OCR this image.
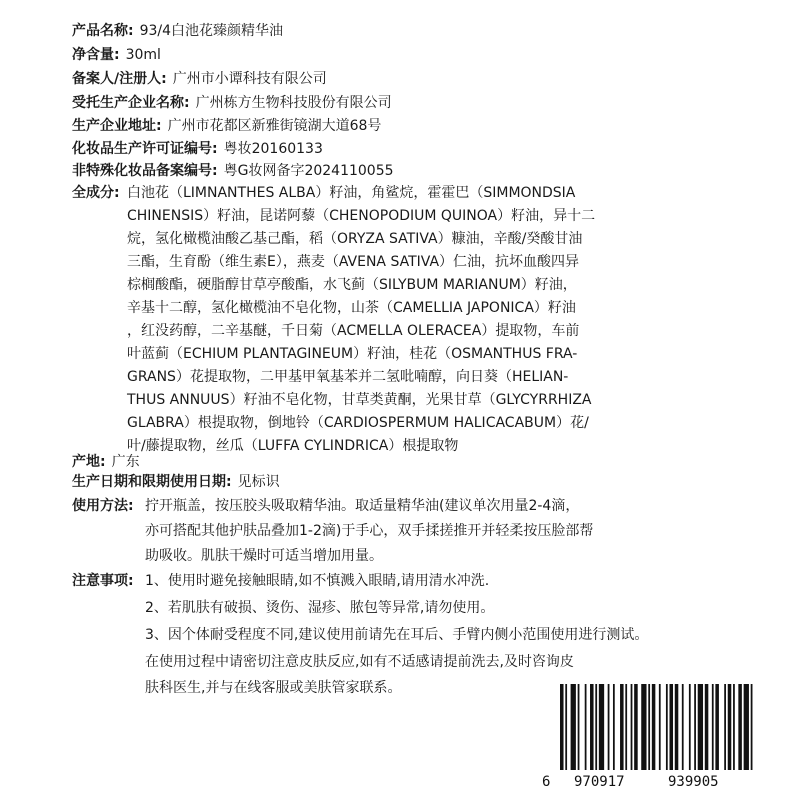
产品名称: 93/4白池花臻颜精华油
净含量: 30ml
备案人/注册人: 广州市小谭科技有限公司
受托生产企业名称: 广州栋方生物科技股份有限公司
生产企业地址: 广州市花都区新雅街镜湖大道68号
化妆品生产许可证编号: 粤妆20160133
非特殊化妆品备案编号: 粤G妆网备字2024110055
全成分: 白池花（LIMNANTHES ALBA）籽油，角鲨烷，霍霍巴（SIMMONDSIA
CHINENSIS）籽油，昆诺阿藜（CHENOPODIUM QUINOA）籽油，异十二
烷，氢化橄榄油酸乙基己酯，稻（ORYZA SATIVA）糠油，辛酸/癸酸甘油
三酯，生育酚（维生素E），燕麦（AVENA SATIVA）仁油，抗坏血酸四异
棕榈酸酯，硬脂醇甘草亭酸酯，水飞蓟（SILYBUM MARIANUM）籽油，
辛基十二醇，氢化橄榄油不皂化物，山茶（CAMELLIA JAPONICA）籽油
，红没药醇，二辛基醚，千日菊（ACMELLA OLERACEA）提取物，车前
叶蓝蓟（ECHIUM PLANTAGINEUM）籽油，桂花（OSMANTHUS FRA-
GRANS）花提取物，二甲基甲氧基苯并二氢吡喃醇，向日葵（HELIAN-
THUS ANNUUS）籽油不皂化物，甘草类黄酮，光果甘草（GLYCYRRHIZA
GLABRA）根提取物，倒地铃（CARDIOSPERMUM HALICACABUM）花/
叶/藤提取物，丝瓜（LUFFA CYLINDRICA）根提取物
产地: 广东
生产日期和限期使用日期: 见标识
使用方法: 拧开瓶盖，按压胶头吸取精华油。取适量精华油(建议单次用量2-4滴，
亦可搭配其他护肤品叠加1-2滴)于手心，双手揉搓推开并轻柔按压脸部帮
助吸收。肌肤干燥时可适当增加用量。
注意事项: 1、使用时避免接触眼睛,如不慎溅入眼睛,请用清水冲洗.
2、若肌肤有破损、烫伤、湿疹、脓包等异常,请勿使用。
3、因个体耐受程度不同,建议使用前请先在耳后、手臂内侧小范围使用进行测试。
在使用过程中请密切注意皮肤反应,如有不适感请提前洗去,及时咨询皮
肤科医生,并与在线客服或美肤管家联系。
6 970917	939905
